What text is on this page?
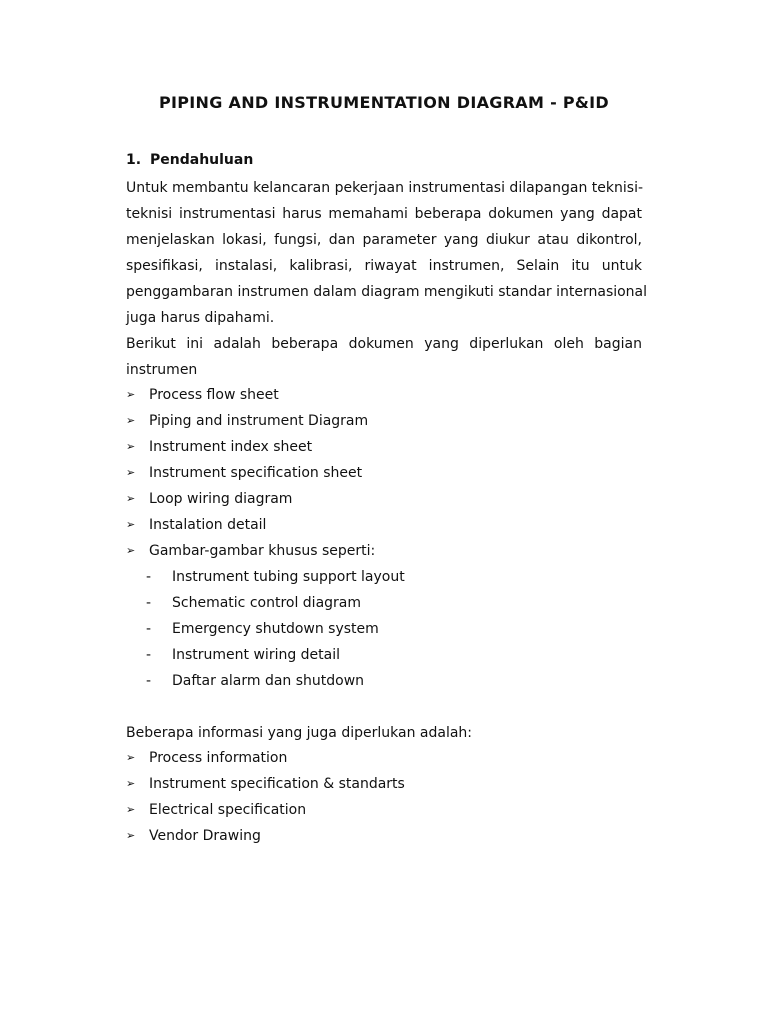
PIPING AND INSTRUMENTATION DIAGRAM - P&ID
1. Pendahuluan
Untuk membantu kelancaran pekerjaan instrumentasi dilapangan teknisi-
teknisi instrumentasi harus memahami beberapa dokumen yang dapat
menjelaskan lokasi, fungsi, dan parameter yang diukur atau dikontrol,
spesifikasi, instalasi, kalibrasi, riwayat instrumen, Selain itu untuk
penggambaran instrumen dalam diagram mengikuti standar internasional
juga harus dipahami.
Berikut ini adalah beberapa dokumen yang diperlukan oleh bagian
instrumen
➢ Process flow sheet
➢ Piping and instrument Diagram
➢ Instrument index sheet
➢ Instrument specification sheet
➢ Loop wiring diagram
➢ Instalation detail
➢ Gambar-gambar khusus seperti:
- Instrument tubing support layout
- Schematic control diagram
- Emergency shutdown system
- Instrument wiring detail
- Daftar alarm dan shutdown
Beberapa informasi yang juga diperlukan adalah:
➢ Process information
➢ Instrument specification & standarts
➢ Electrical specification
➢ Vendor Drawing
